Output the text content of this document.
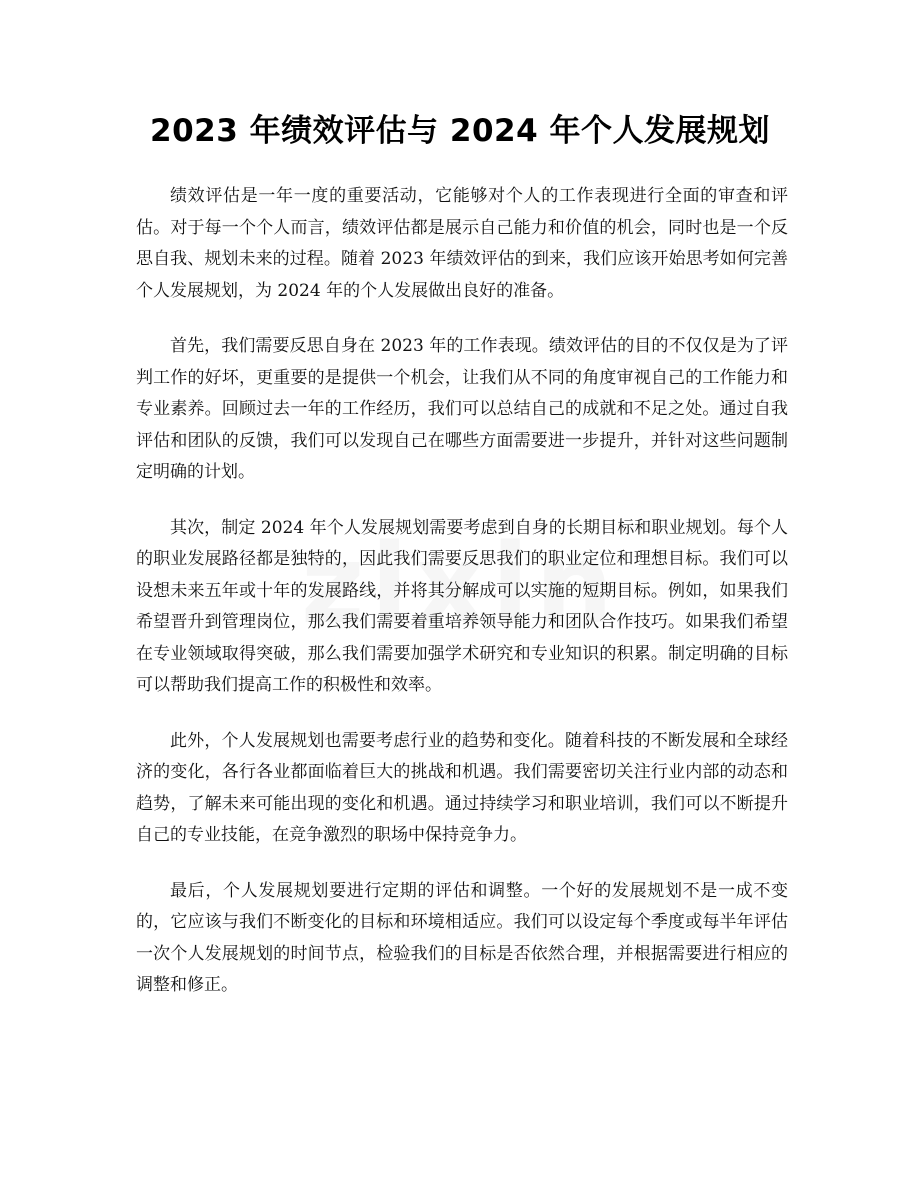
2023 年绩效评估与 2024 年个人发展规划

绩效评估是一年一度的重要活动，它能够对个人的工作表现进行全面的审查和评估。对于每一个个人而言，绩效评估都是展示自己能力和价值的机会，同时也是一个反思自我、规划未来的过程。随着 2023 年绩效评估的到来，我们应该开始思考如何完善个人发展规划，为 2024 年的个人发展做出良好的准备。

首先，我们需要反思自身在 2023 年的工作表现。绩效评估的目的不仅仅是为了评判工作的好坏，更重要的是提供一个机会，让我们从不同的角度审视自己的工作能力和专业素养。回顾过去一年的工作经历，我们可以总结自己的成就和不足之处。通过自我评估和团队的反馈，我们可以发现自己在哪些方面需要进一步提升，并针对这些问题制定明确的计划。

其次，制定 2024 年个人发展规划需要考虑到自身的长期目标和职业规划。每个人的职业发展路径都是独特的，因此我们需要反思我们的职业定位和理想目标。我们可以设想未来五年或十年的发展路线，并将其分解成可以实施的短期目标。例如，如果我们希望晋升到管理岗位，那么我们需要着重培养领导能力和团队合作技巧。如果我们希望在专业领域取得突破，那么我们需要加强学术研究和专业知识的积累。制定明确的目标可以帮助我们提高工作的积极性和效率。

此外，个人发展规划也需要考虑行业的趋势和变化。随着科技的不断发展和全球经济的变化，各行各业都面临着巨大的挑战和机遇。我们需要密切关注行业内部的动态和趋势，了解未来可能出现的变化和机遇。通过持续学习和职业培训，我们可以不断提升自己的专业技能，在竞争激烈的职场中保持竞争力。

最后，个人发展规划要进行定期的评估和调整。一个好的发展规划不是一成不变的，它应该与我们不断变化的目标和环境相适应。我们可以设定每个季度或每半年评估一次个人发展规划的时间节点，检验我们的目标是否依然合理，并根据需要进行相应的调整和修正。
